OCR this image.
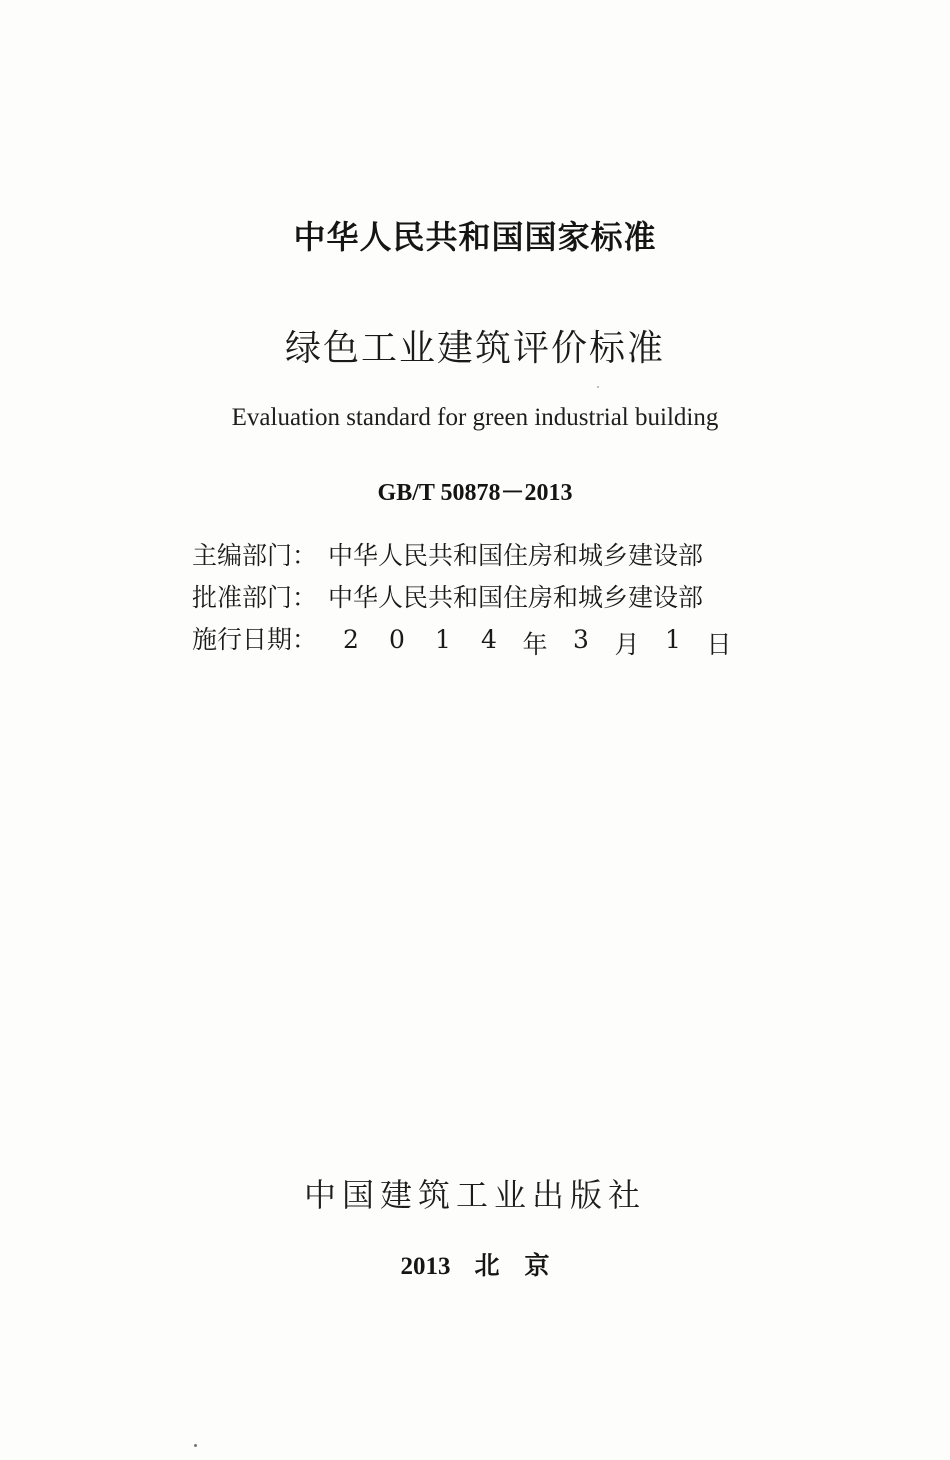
中华人民共和国国家标准
绿色工业建筑评价标准
Evaluation standard for green industrial building
GB/T 50878－2013
主编部门： 中华人民共和国住房和城乡建设部
批准部门： 中华人民共和国住房和城乡建设部
施行日期：	2	0	1	4	年	3	月	1	日
中国建筑工业出版社
2013 北　京
